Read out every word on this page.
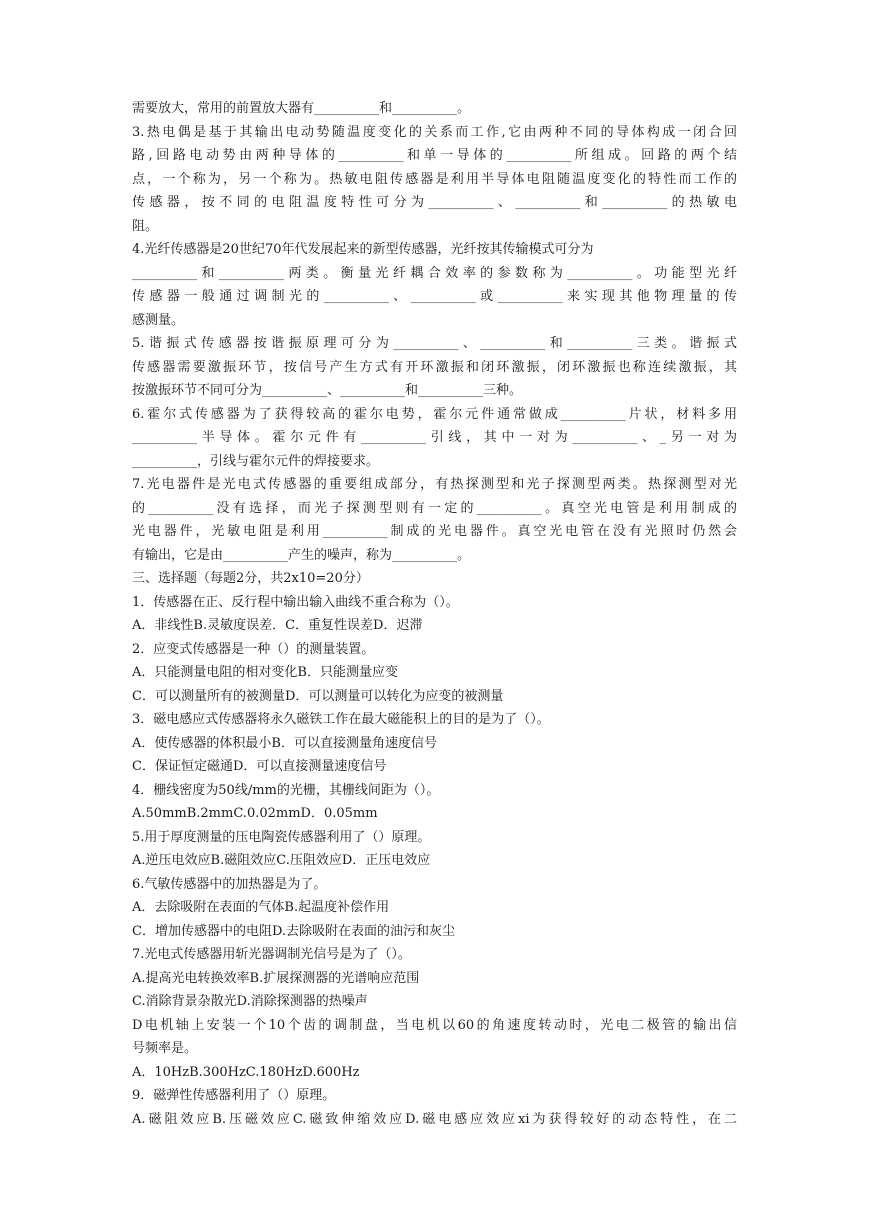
需要放大，常用的前置放大器有__________和__________。
3.热电偶是基于其输出电动势随温度变化的关系而工作,它由两种不同的导体构成一闭合回
路,回路电动势由两种导体的__________和单一导体的__________所组成。回路的两个结
点，一个称为，另一个称为。热敏电阻传感器是利用半导体电阻随温度变化的特性而工作的
传感器，按不同的电阻温度特性可分为__________、__________和__________的热敏电
阻。
4.光纤传感器是20世纪70年代发展起来的新型传感器，光纤按其传输模式可分为
__________和__________两类。衡量光纤耦合效率的参数称为__________。功能型光纤
传感器一般通过调制光的__________、__________或__________来实现其他物理量的传
感测量。
5.谐振式传感器按谐振原理可分为__________、__________和__________三类。谐振式
传感器需要激振环节，按信号产生方式有开环激振和闭环激振，闭环激振也称连续激振，其
按激振环节不同可分为__________、__________和__________三种。
6.霍尔式传感器为了获得较高的霍尔电势，霍尔元件通常做成__________片状，材料多用
__________半导体。霍尔元件有__________引线，其中一对为__________、_另一对为
__________，引线与霍尔元件的焊接要求。
7.光电器件是光电式传感器的重要组成部分，有热探测型和光子探测型两类。热探测型对光
的__________没有选择，而光子探测型则有一定的__________。真空光电管是利用制成的
光电器件，光敏电阻是利用__________制成的光电器件。真空光电管在没有光照时仍然会
有输出，它是由__________产生的噪声，称为__________。
三、选择题（每题2分，共2x10=20分）
1．传感器在正、反行程中输出输入曲线不重合称为（）。
A．非线性B.灵敏度误差．C．重复性误差D．迟滞
2．应变式传感器是一种（）的测量装置。
A．只能测量电阻的相对变化B．只能测量应变
C．可以测量所有的被测量D．可以测量可以转化为应变的被测量
3．磁电感应式传感器将永久磁铁工作在最大磁能积上的目的是为了（）。
A．使传感器的体积最小B．可以直接测量角速度信号
C．保证恒定磁通D．可以直接测量速度信号
4．栅线密度为50线/mm的光栅，其栅线间距为（）。
A.50mmB.2mmC.0.02mmD．0.05mm
5.用于厚度测量的压电陶瓷传感器利用了（）原理。
A.逆压电效应B.磁阻效应C.压阻效应D．正压电效应
6.气敏传感器中的加热器是为了。
A．去除吸附在表面的气体B.起温度补偿作用
C．增加传感器中的电阻D.去除吸附在表面的油污和灰尘
7.光电式传感器用斩光器调制光信号是为了（）。
A.提高光电转换效率B.扩展探测器的光谱响应范围
C.消除背景杂散光D.消除探测器的热噪声
D电机轴上安装一个10个齿的调制盘，当电机以60的角速度转动时，光电二极管的输出信
号频率是。
A．10HzB.300HzC.180HzD.600Hz
9．磁弹性传感器利用了（）原理。
A.磁阻效应B.压磁效应C.磁致伸缩效应D.磁电感应效应xi为获得较好的动态特性，在二
